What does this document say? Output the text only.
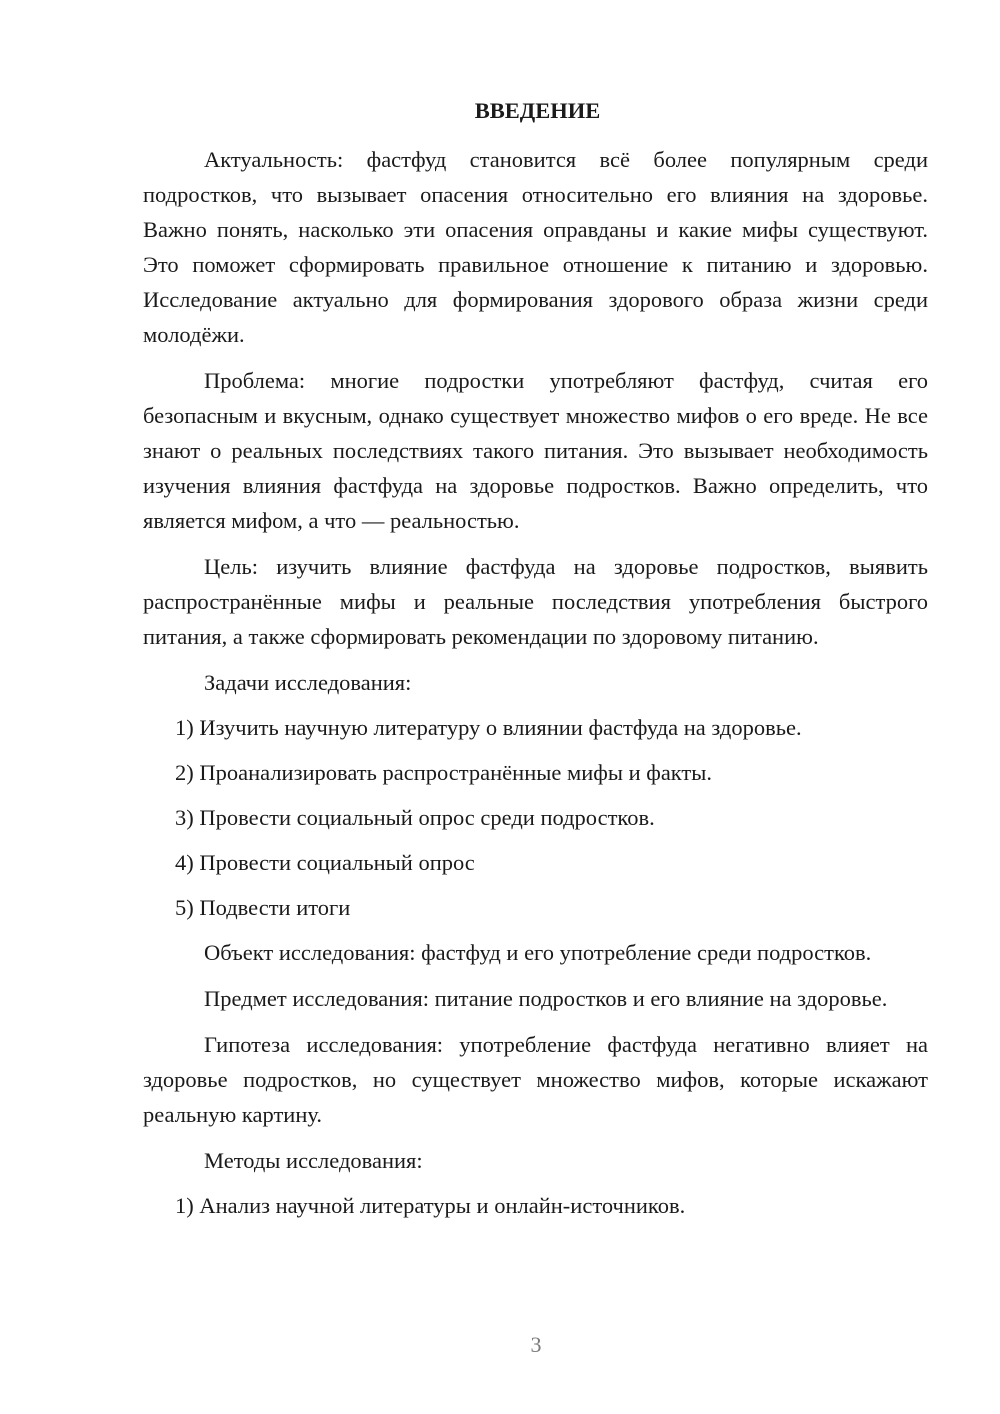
ВВЕДЕНИЕ

Актуальность: фастфуд становится всё более популярным среди подростков, что вызывает опасения относительно его влияния на здоровье. Важно понять, насколько эти опасения оправданы и какие мифы существуют. Это поможет сформировать правильное отношение к питанию и здоровью. Исследование актуально для формирования здорового образа жизни среди молодёжи.

Проблема: многие подростки употребляют фастфуд, считая его безопасным и вкусным, однако существует множество мифов о его вреде. Не все знают о реальных последствиях такого питания. Это вызывает необходимость изучения влияния фастфуда на здоровье подростков. Важно определить, что является мифом, а что — реальностью.

Цель: изучить влияние фастфуда на здоровье подростков, выявить распространённые мифы и реальные последствия употребления быстрого питания, а также сформировать рекомендации по здоровому питанию.

Задачи исследования:
1) Изучить научную литературу о влиянии фастфуда на здоровье.
2) Проанализировать распространённые мифы и факты.
3) Провести социальный опрос среди подростков.
4) Провести социальный опрос
5) Подвести итоги

Объект исследования: фастфуд и его употребление среди подростков.

Предмет исследования: питание подростков и его влияние на здоровье.

Гипотеза исследования: употребление фастфуда негативно влияет на здоровье подростков, но существует множество мифов, которые искажают реальную картину.

Методы исследования:
1) Анализ научной литературы и онлайн-источников.
3
